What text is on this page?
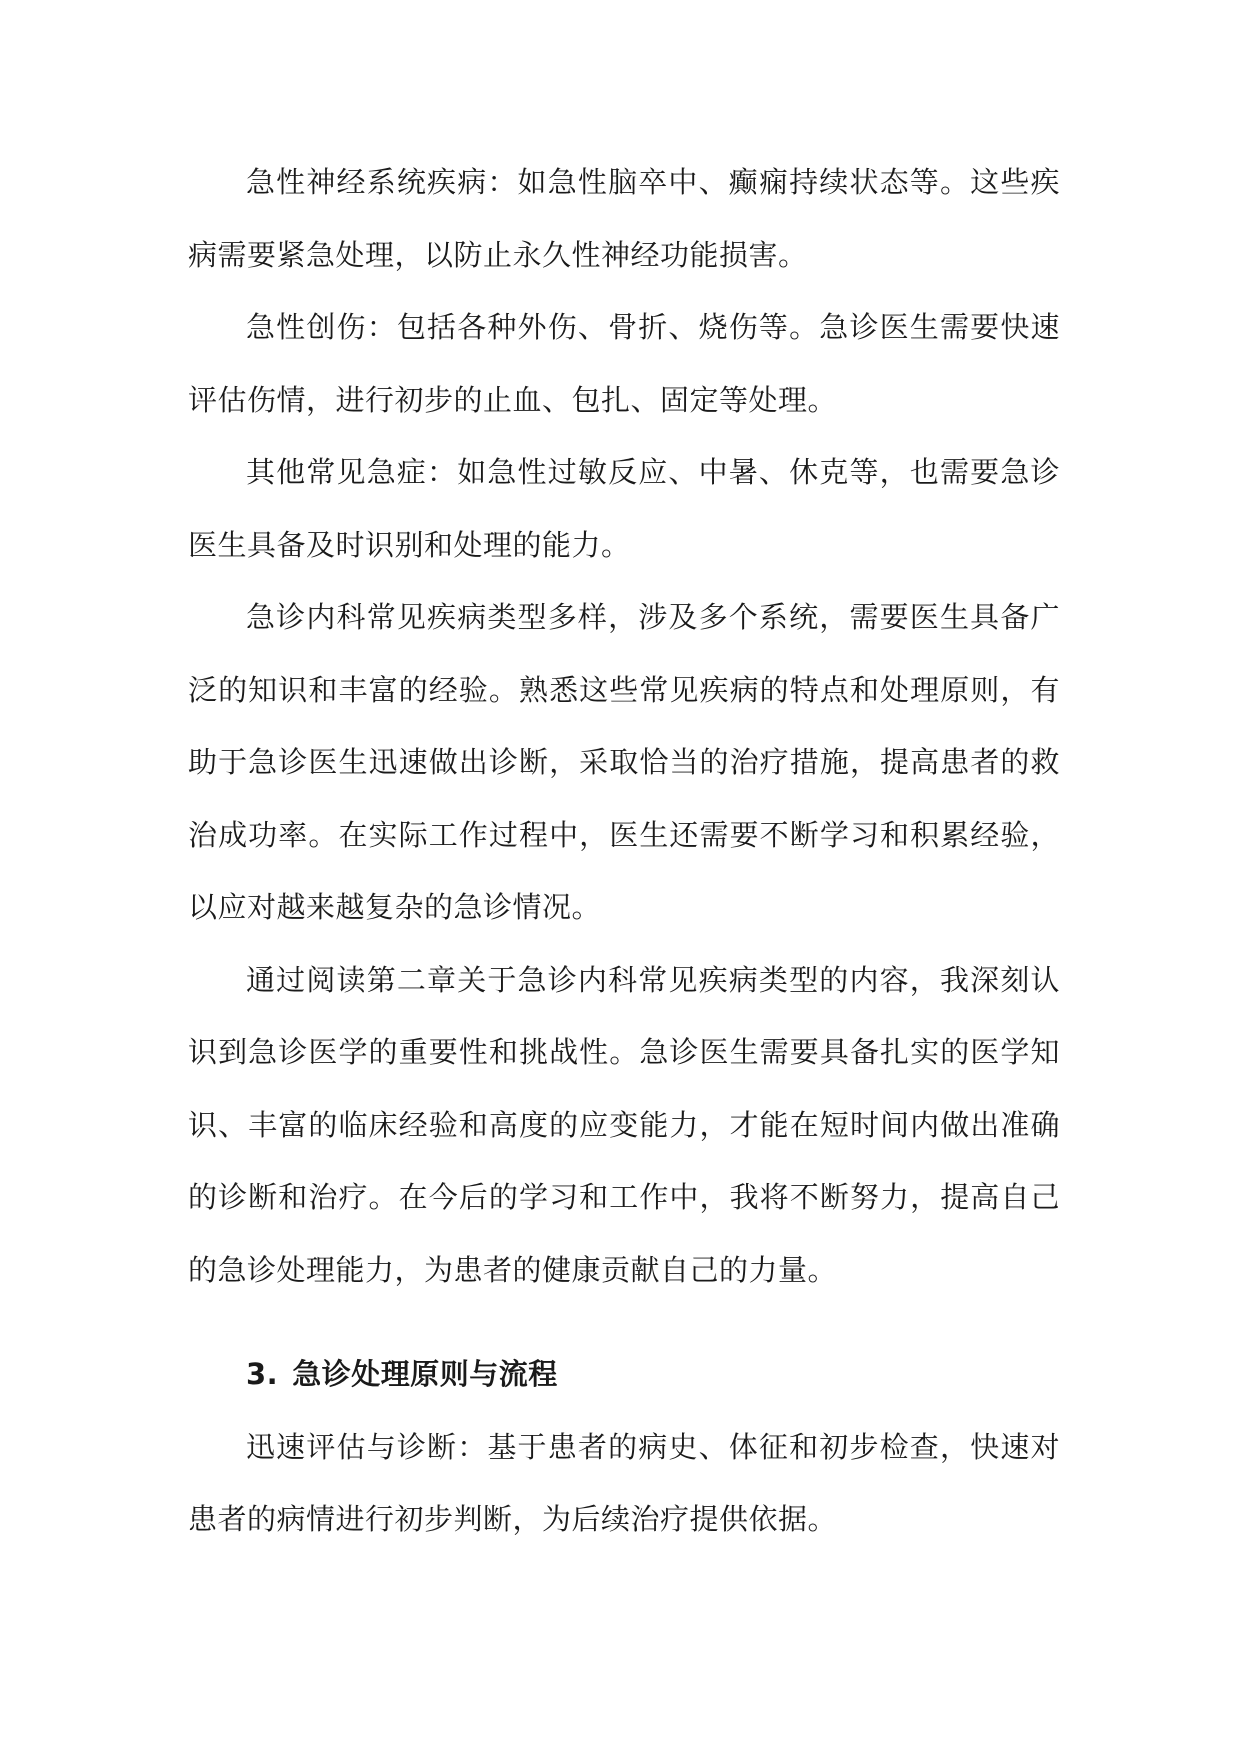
急性神经系统疾病：如急性脑卒中、癫痫持续状态等。这些疾病需要紧急处理，以防止永久性神经功能损害。

急性创伤：包括各种外伤、骨折、烧伤等。急诊医生需要快速评估伤情，进行初步的止血、包扎、固定等处理。

其他常见急症：如急性过敏反应、中暑、休克等，也需要急诊医生具备及时识别和处理的能力。

急诊内科常见疾病类型多样，涉及多个系统，需要医生具备广泛的知识和丰富的经验。熟悉这些常见疾病的特点和处理原则，有助于急诊医生迅速做出诊断，采取恰当的治疗措施，提高患者的救治成功率。在实际工作过程中，医生还需要不断学习和积累经验，以应对越来越复杂的急诊情况。

通过阅读第二章关于急诊内科常见疾病类型的内容，我深刻认识到急诊医学的重要性和挑战性。急诊医生需要具备扎实的医学知识、丰富的临床经验和高度的应变能力，才能在短时间内做出准确的诊断和治疗。在今后的学习和工作中，我将不断努力，提高自己的急诊处理能力，为患者的健康贡献自己的力量。

3. 急诊处理原则与流程

迅速评估与诊断：基于患者的病史、体征和初步检查，快速对患者的病情进行初步判断，为后续治疗提供依据。
